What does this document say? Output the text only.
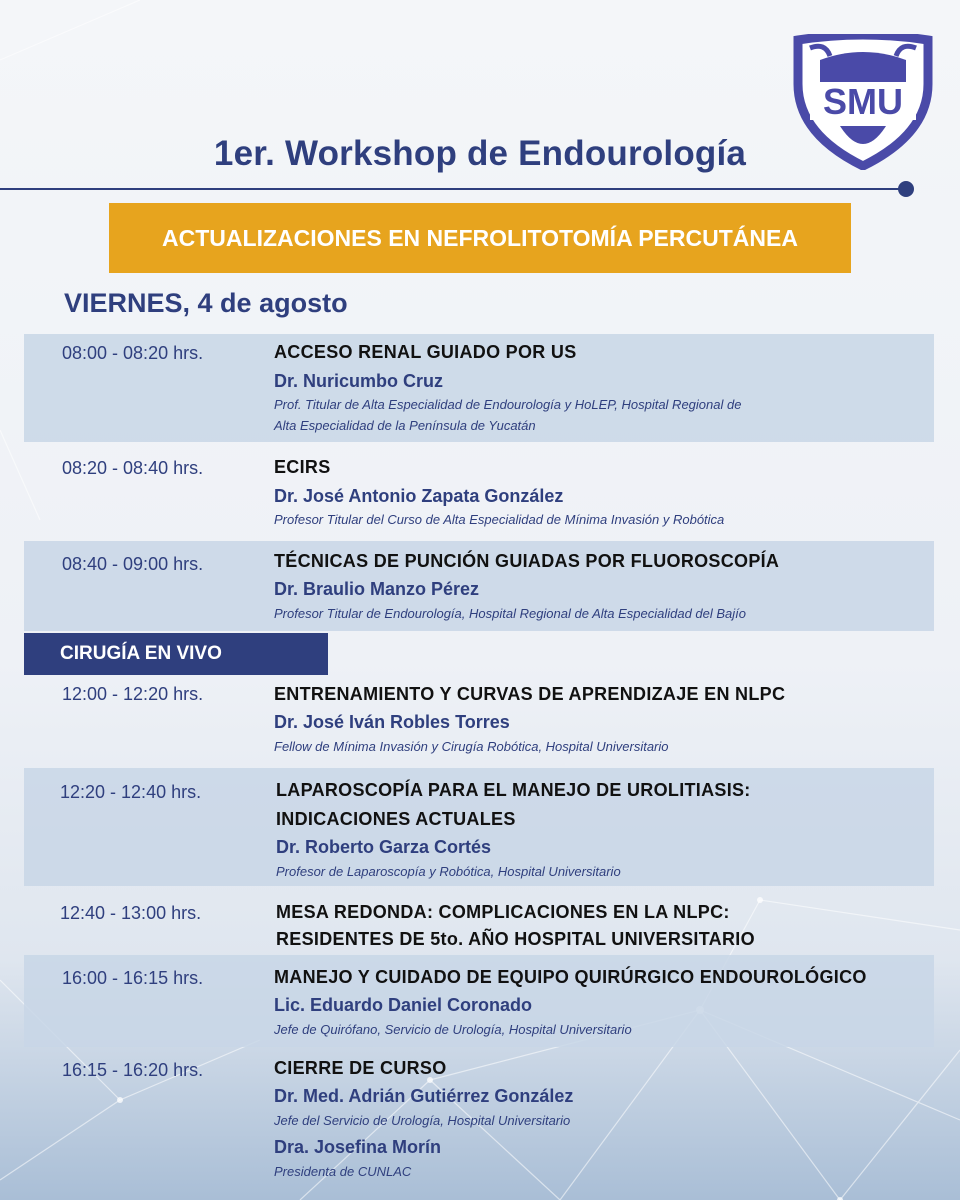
SMU
1er. Workshop de Endourología
ACTUALIZACIONES EN NEFROLITOTOMÍA PERCUTÁNEA
VIERNES, 4 de agosto
08:00 - 08:20 hrs.	ACCESO RENAL GUIADO POR US
Dr. Nuricumbo Cruz
Prof. Titular de Alta Especialidad de Endourología y HoLEP, Hospital Regional de
Alta Especialidad de la Península de Yucatán
08:20 - 08:40 hrs.	ECIRS
Dr. José Antonio Zapata González
Profesor Titular del Curso de Alta Especialidad de Mínima Invasión y Robótica
08:40 - 09:00 hrs.	TÉCNICAS DE PUNCIÓN GUIADAS POR FLUOROSCOPÍA
Dr. Braulio Manzo Pérez
Profesor Titular de Endourología, Hospital Regional de Alta Especialidad del Bajío
CIRUGÍA EN VIVO
12:00 - 12:20 hrs.	ENTRENAMIENTO Y CURVAS DE APRENDIZAJE EN NLPC
Dr. José Iván Robles Torres
Fellow de Mínima Invasión y Cirugía Robótica, Hospital Universitario
12:20 - 12:40 hrs.	LAPAROSCOPÍA PARA EL MANEJO DE UROLITIASIS:
INDICACIONES ACTUALES
Dr. Roberto Garza Cortés
Profesor de Laparoscopía y Robótica, Hospital Universitario
12:40 - 13:00 hrs.	MESA REDONDA: COMPLICACIONES EN LA NLPC:
RESIDENTES DE 5to. AÑO HOSPITAL UNIVERSITARIO
16:00 - 16:15 hrs.	MANEJO Y CUIDADO DE EQUIPO QUIRÚRGICO ENDOUROLÓGICO
Lic. Eduardo Daniel Coronado
Jefe de Quirófano, Servicio de Urología, Hospital Universitario
16:15 - 16:20 hrs.	CIERRE DE CURSO
Dr. Med. Adrián Gutiérrez González
Jefe del Servicio de Urología, Hospital Universitario
Dra. Josefina Morín
Presidenta de CUNLAC
